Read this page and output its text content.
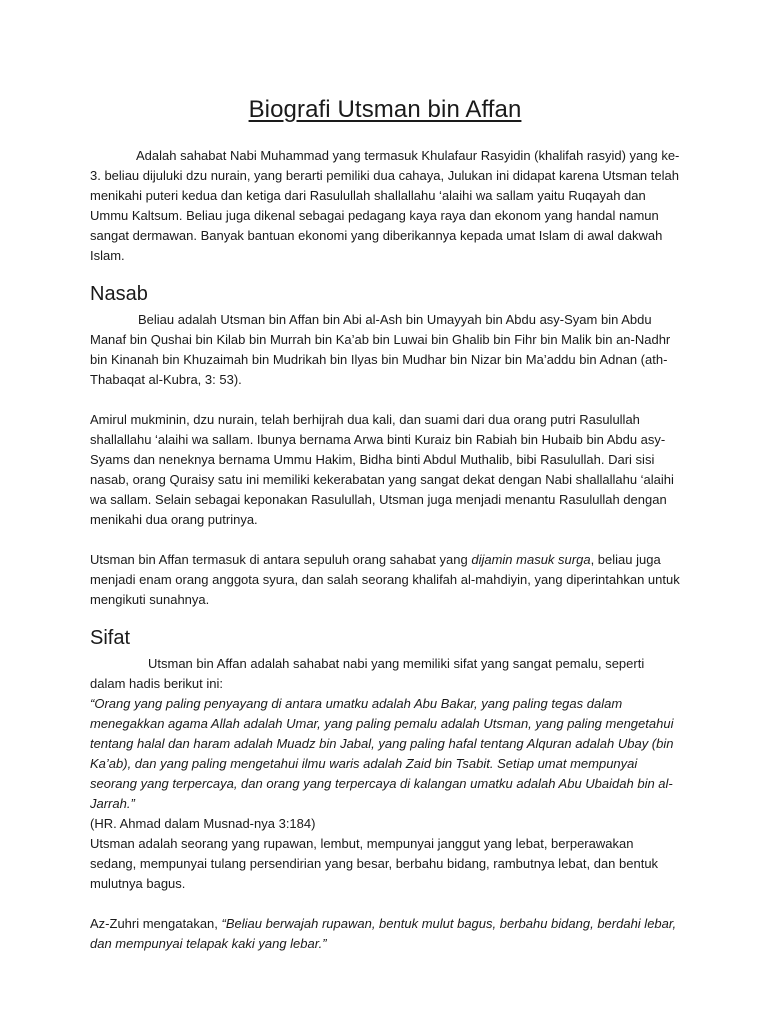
Biografi Utsman bin Affan

Adalah sahabat Nabi Muhammad yang termasuk Khulafaur Rasyidin (khalifah rasyid) yang ke-3. beliau dijuluki dzu nurain, yang berarti pemiliki dua cahaya, Julukan ini didapat karena Utsman telah menikahi puteri kedua dan ketiga dari Rasulullah shallallahu ‘alaihi wa sallam yaitu Ruqayah dan Ummu Kaltsum. Beliau juga dikenal sebagai pedagang kaya raya dan ekonom yang handal namun sangat dermawan. Banyak bantuan ekonomi yang diberikannya kepada umat Islam di awal dakwah Islam.

Nasab

Beliau adalah Utsman bin Affan bin Abi al-Ash bin Umayyah bin Abdu asy-Syam bin Abdu Manaf bin Qushai bin Kilab bin Murrah bin Ka’ab bin Luwai bin Ghalib bin Fihr bin Malik bin an-Nadhr bin Kinanah bin Khuzaimah bin Mudrikah bin Ilyas bin Mudhar bin Nizar bin Ma’addu bin Adnan (ath-Thabaqat al-Kubra, 3: 53).

Amirul mukminin, dzu nurain, telah berhijrah dua kali, dan suami dari dua orang putri Rasulullah shallallahu ‘alaihi wa sallam. Ibunya bernama Arwa binti Kuraiz bin Rabiah bin Hubaib bin Abdu asy-Syams dan neneknya bernama Ummu Hakim, Bidha binti Abdul Muthalib, bibi Rasulullah. Dari sisi nasab, orang Quraisy satu ini memiliki kekerabatan yang sangat dekat dengan Nabi shallallahu ‘alaihi wa sallam. Selain sebagai keponakan Rasulullah, Utsman juga menjadi menantu Rasulullah dengan menikahi dua orang putrinya.

Utsman bin Affan termasuk di antara sepuluh orang sahabat yang dijamin masuk surga, beliau juga menjadi enam orang anggota syura, dan salah seorang khalifah al-mahdiyin, yang diperintahkan untuk mengikuti sunahnya.

Sifat

Utsman bin Affan adalah sahabat nabi yang memiliki sifat yang sangat pemalu, seperti dalam hadis berikut ini:

“Orang yang paling penyayang di antara umatku adalah Abu Bakar, yang paling tegas dalam menegakkan agama Allah adalah Umar, yang paling pemalu adalah Utsman, yang paling mengetahui tentang halal dan haram adalah Muadz bin Jabal, yang paling hafal tentang Alquran adalah Ubay (bin Ka’ab), dan yang paling mengetahui ilmu waris adalah Zaid bin Tsabit. Setiap umat mempunyai seorang yang terpercaya, dan orang yang terpercaya di kalangan umatku adalah Abu Ubaidah bin al-Jarrah.”

(HR. Ahmad dalam Musnad-nya 3:184)

Utsman adalah seorang yang rupawan, lembut, mempunyai janggut yang lebat, berperawakan sedang, mempunyai tulang persendirian yang besar, berbahu bidang, rambutnya lebat, dan bentuk mulutnya bagus.

Az-Zuhri mengatakan, “Beliau berwajah rupawan, bentuk mulut bagus, berbahu bidang, berdahi lebar, dan mempunyai telapak kaki yang lebar.”
